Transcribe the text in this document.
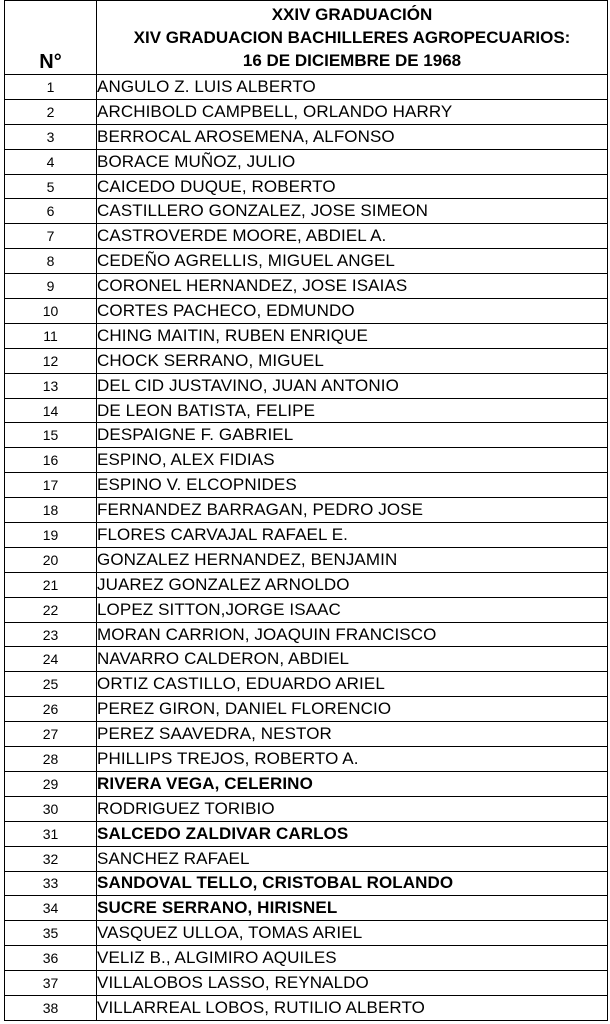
N°	XXIV GRADUACIÓN
XIV GRADUACION BACHILLERES AGROPECUARIOS:
16 DE DICIEMBRE DE 1968

1	ANGULO Z. LUIS ALBERTO
2	ARCHIBOLD CAMPBELL, ORLANDO HARRY
3	BERROCAL AROSEMENA, ALFONSO
4	BORACE MUÑOZ, JULIO
5	CAICEDO DUQUE, ROBERTO
6	CASTILLERO GONZALEZ, JOSE SIMEON
7	CASTROVERDE MOORE, ABDIEL A.
8	CEDEÑO AGRELLIS, MIGUEL ANGEL
9	CORONEL HERNANDEZ, JOSE ISAIAS
10	CORTES PACHECO, EDMUNDO
11	CHING MAITIN, RUBEN ENRIQUE
12	CHOCK SERRANO, MIGUEL
13	DEL CID JUSTAVINO, JUAN ANTONIO
14	DE LEON BATISTA, FELIPE
15	DESPAIGNE F. GABRIEL
16	ESPINO, ALEX FIDIAS
17	ESPINO V. ELCOPNIDES
18	FERNANDEZ BARRAGAN, PEDRO JOSE
19	FLORES CARVAJAL RAFAEL E.
20	GONZALEZ HERNANDEZ, BENJAMIN
21	JUAREZ GONZALEZ ARNOLDO
22	LOPEZ SITTON,JORGE ISAAC
23	MORAN CARRION, JOAQUIN FRANCISCO
24	NAVARRO CALDERON, ABDIEL
25	ORTIZ CASTILLO, EDUARDO ARIEL
26	PEREZ GIRON, DANIEL FLORENCIO
27	PEREZ SAAVEDRA, NESTOR
28	PHILLIPS TREJOS, ROBERTO A.
29	RIVERA VEGA, CELERINO
30	RODRIGUEZ TORIBIO
31	SALCEDO ZALDIVAR CARLOS
32	SANCHEZ RAFAEL
33	SANDOVAL TELLO, CRISTOBAL ROLANDO
34	SUCRE SERRANO, HIRISNEL
35	VASQUEZ ULLOA, TOMAS ARIEL
36	VELIZ B., ALGIMIRO AQUILES
37	VILLALOBOS LASSO, REYNALDO
38	VILLARREAL LOBOS, RUTILIO ALBERTO
